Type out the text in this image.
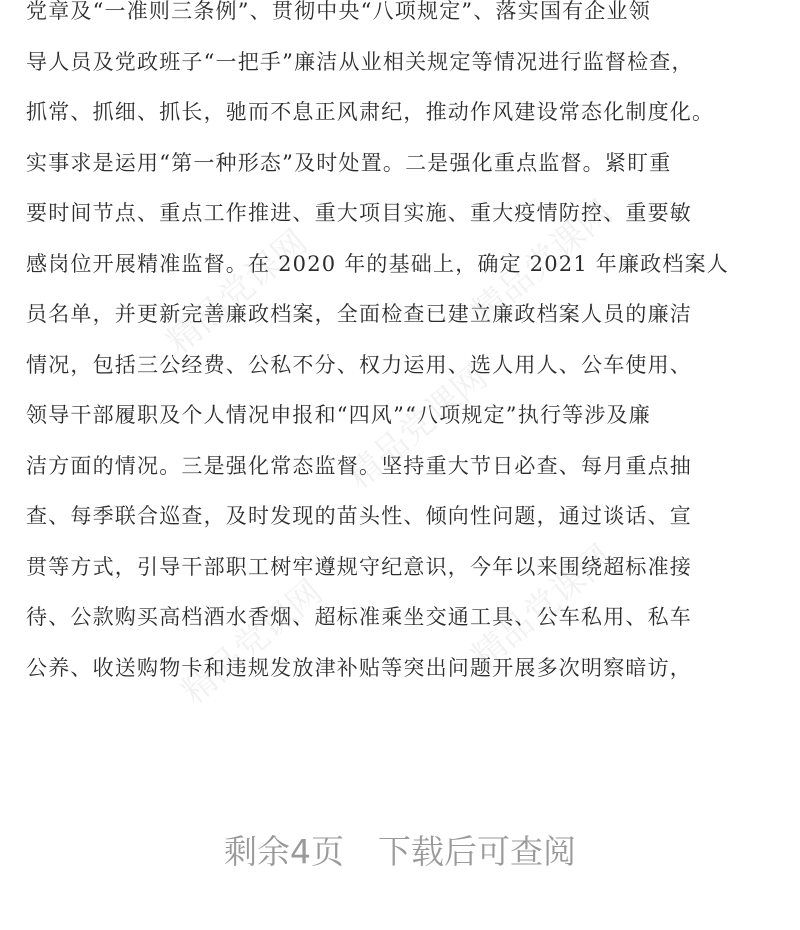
精品党课网	精品党课网
精品党课网
精品党课网	精品党课网
党章及“一准则三条例”、贯彻中央“八项规定”、落实国有企业领
导人员及党政班子“一把手”廉洁从业相关规定等情况进行监督检查，
抓常、抓细、抓长，驰而不息正风肃纪，推动作风建设常态化制度化。
实事求是运用“第一种形态”及时处置。二是强化重点监督。紧盯重
要时间节点、重点工作推进、重大项目实施、重大疫情防控、重要敏
感岗位开展精准监督。在 2020 年的基础上，确定 2021 年廉政档案人
员名单，并更新完善廉政档案，全面检查已建立廉政档案人员的廉洁
情况，包括三公经费、公私不分、权力运用、选人用人、公车使用、
领导干部履职及个人情况申报和“四风”“八项规定”执行等涉及廉
洁方面的情况。三是强化常态监督。坚持重大节日必查、每月重点抽
查、每季联合巡查，及时发现的苗头性、倾向性问题，通过谈话、宣
贯等方式，引导干部职工树牢遵规守纪意识，今年以来围绕超标准接
待、公款购买高档酒水香烟、超标准乘坐交通工具、公车私用、私车
公养、收送购物卡和违规发放津补贴等突出问题开展多次明察暗访，
剩余4页 下载后可查阅
